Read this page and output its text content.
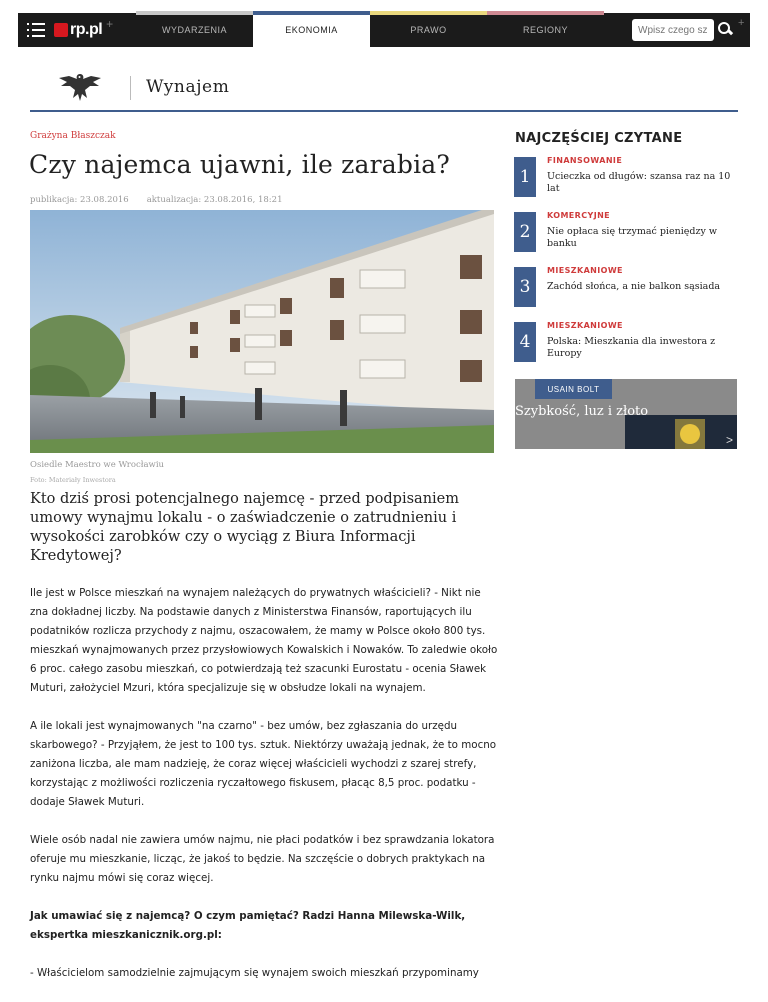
rp.pl +	WYDARZENIA	EKONOMIA	PRAWO	REGIONY
Wpisz czego szukasz
+
Wynajem
Grażyna Błaszczak
Czy najemca ujawni, ile zarabia?
publikacja: 23.08.2016 aktualizacja: 23.08.2016, 18:21
Osiedle Maestro we Wrocławiu
Foto: Materiały Inwestora
Kto dziś prosi potencjalnego najemcę - przed podpisaniem umowy wynajmu lokalu - o zaświadczenie o zatrudnieniu i wysokości zarobków czy o wyciąg z Biura Informacji Kredytowej?

Ile jest w Polsce mieszkań na wynajem należących do prywatnych właścicieli? - Nikt nie zna dokładnej liczby. Na podstawie danych z Ministerstwa Finansów, raportujących ilu podatników rozlicza przychody z najmu, oszacowałem, że mamy w Polsce około 800 tys. mieszkań wynajmowanych przez przysłowiowych Kowalskich i Nowaków. To zaledwie około 6 proc. całego zasobu mieszkań, co potwierdzają też szacunki Eurostatu - ocenia Sławek Muturi, założyciel Mzuri, która specjalizuje się w obsłudze lokali na wynajem.

A ile lokali jest wynajmowanych "na czarno" - bez umów, bez zgłaszania do urzędu skarbowego? - Przyjąłem, że jest to 100 tys. sztuk. Niektórzy uważają jednak, że to mocno zaniżona liczba, ale mam nadzieję, że coraz więcej właścicieli wychodzi z szarej strefy, korzystając z możliwości rozliczenia ryczałtowego fiskusem, płacąc 8,5 proc. podatku - dodaje Sławek Muturi.

Wiele osób nadal nie zawiera umów najmu, nie płaci podatków i bez sprawdzania lokatora oferuje mu mieszkanie, licząc, że jakoś to będzie. Na szczęście o dobrych praktykach na rynku najmu mówi się coraz więcej.

Jak umawiać się z najemcą? O czym pamiętać? Radzi Hanna Milewska-Wilk, ekspertka mieszkanicznik.org.pl:

- Właścicielom samodzielnie zajmującym się wynajem swoich mieszkań przypominamy

NAJCZĘŚCIEJ CZYTANE
1
FINANSOWANIE
Ucieczka od długów: szansa raz na 10 lat
2
KOMERCYJNE
Nie opłaca się trzymać pieniędzy w banku
3
MIESZKANIOWE
Zachód słońca, a nie balkon sąsiada
4
MIESZKANIOWE
Polska: Mieszkania dla inwestora z Europy
USAIN BOLT
Szybkość, luz i złoto
>
